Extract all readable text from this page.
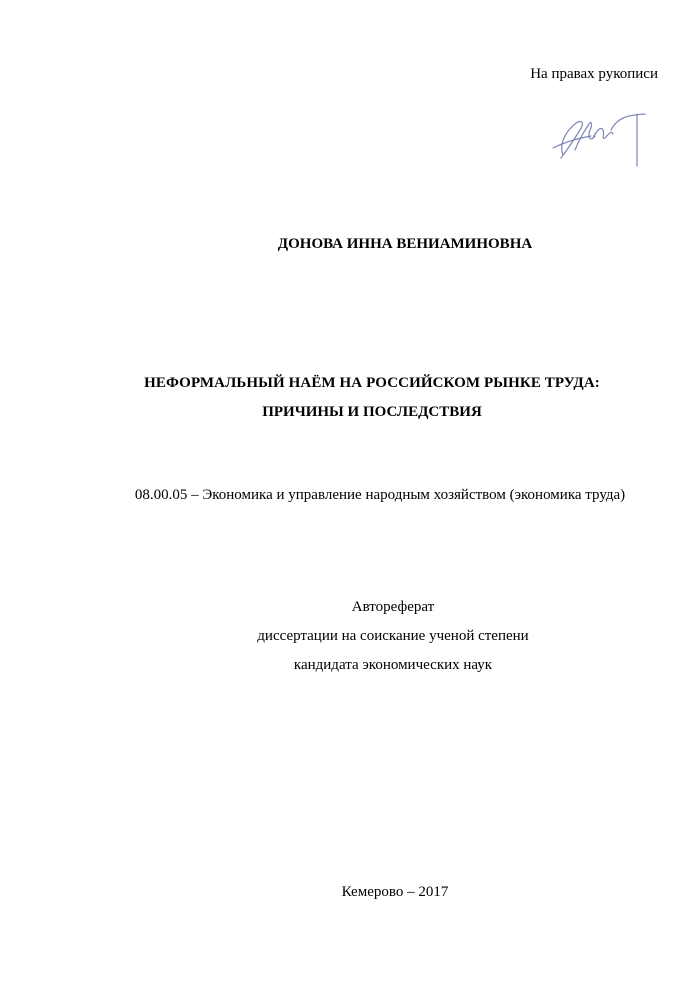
На правах рукописи
ДОНОВА ИННА ВЕНИАМИНОВНА
НЕФОРМАЛЬНЫЙ НАЁМ НА РОССИЙСКОМ РЫНКЕ ТРУДА:
ПРИЧИНЫ И ПОСЛЕДСТВИЯ
08.00.05 – Экономика и управление народным хозяйством (экономика труда)
Автореферат
диссертации на соискание ученой степени
кандидата экономических наук
Кемерово – 2017
